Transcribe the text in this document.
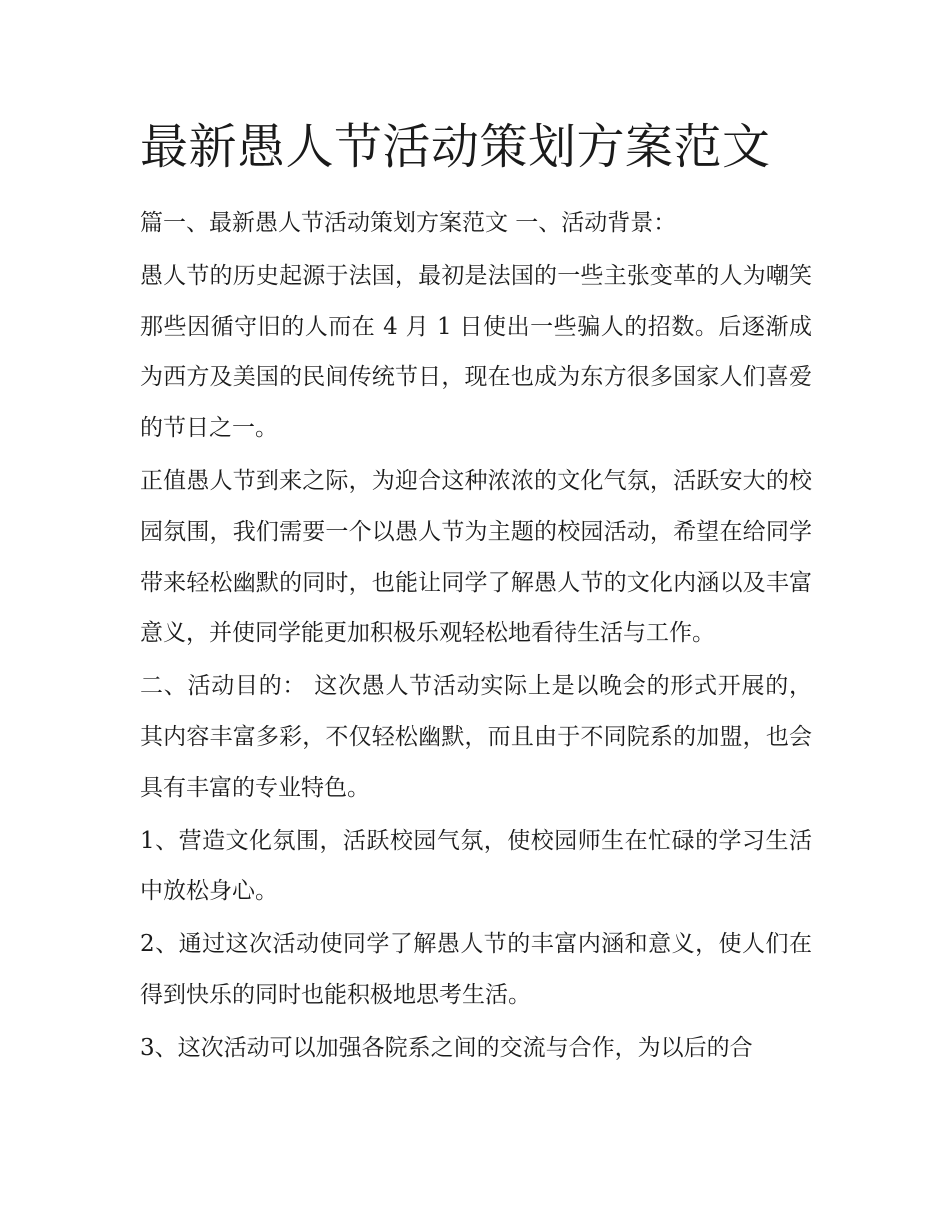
最新愚人节活动策划方案范文

篇一、最新愚人节活动策划方案范文 一、活动背景：

愚人节的历史起源于法国，最初是法国的一些主张变革的人为嘲笑那些因循守旧的人而在 4 月 1 日使出一些骗人的招数。后逐渐成为西方及美国的民间传统节日，现在也成为东方很多国家人们喜爱的节日之一。

正值愚人节到来之际，为迎合这种浓浓的文化气氛，活跃安大的校园氛围，我们需要一个以愚人节为主题的校园活动，希望在给同学带来轻松幽默的同时，也能让同学了解愚人节的文化内涵以及丰富意义，并使同学能更加积极乐观轻松地看待生活与工作。

二、活动目的： 这次愚人节活动实际上是以晚会的形式开展的，其内容丰富多彩，不仅轻松幽默，而且由于不同院系的加盟，也会具有丰富的专业特色。

1、营造文化氛围，活跃校园气氛，使校园师生在忙碌的学习生活中放松身心。

2、通过这次活动使同学了解愚人节的丰富内涵和意义，使人们在得到快乐的同时也能积极地思考生活。

3、这次活动可以加强各院系之间的交流与合作，为以后的合
